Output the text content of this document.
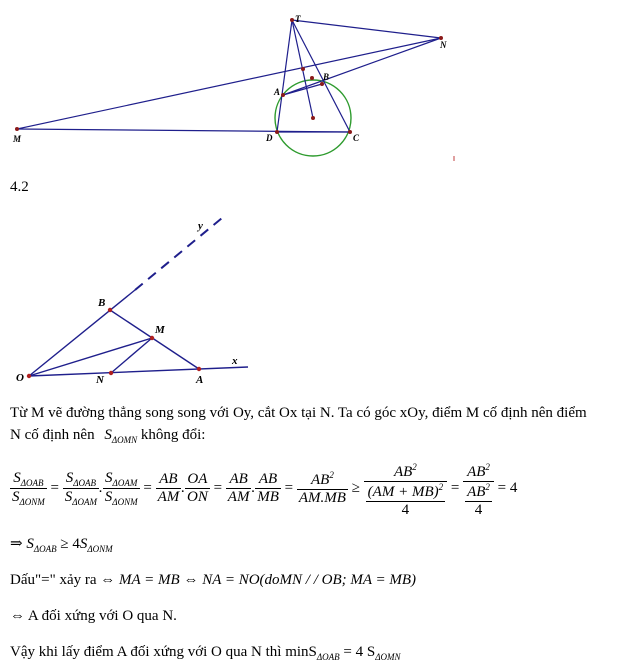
T
N
M	D	C
A
B
4.2
y
B
M
O	N	A
x
Từ M vẽ đường thẳng song song với Oy, cắt Ox tại N. Ta có góc xOy, điểm M cố định nên điểm
N cố định nên $S_{\Delta OMN}$ không đổi:
$\frac{S_{\Delta OAB}}{S_{\Delta ONM}} = \frac{S_{\Delta OAB}}{S_{\Delta OAM}}$ . $\frac{S_{\Delta OAM}}{S_{\Delta ONM}} = \frac{AB}{AM}$ . $\frac{OA}{ON} = \frac{AB}{AM}$ . $\frac{AB}{MB} = \frac{AB^2}{AM.MB} \ge \frac{AB^2}{\frac{(AM + MB)^2}{4}} = \frac{AB^2}{\frac{AB^2}{4}} = 4$
⇒ $S_{\Delta OAB} \ge 4S_{\Delta ONM}$
Dấu"=" xảy ra ⇔ MA = MB ⇔ NA = NO(doMN / / OB; MA = MB)
⇔ A đối xứng với O qua N.
Vậy khi lấy điểm A đối xứng với O qua N thì minS$_{\Delta OAB}$ = 4 $S_{\Delta OMN}$
